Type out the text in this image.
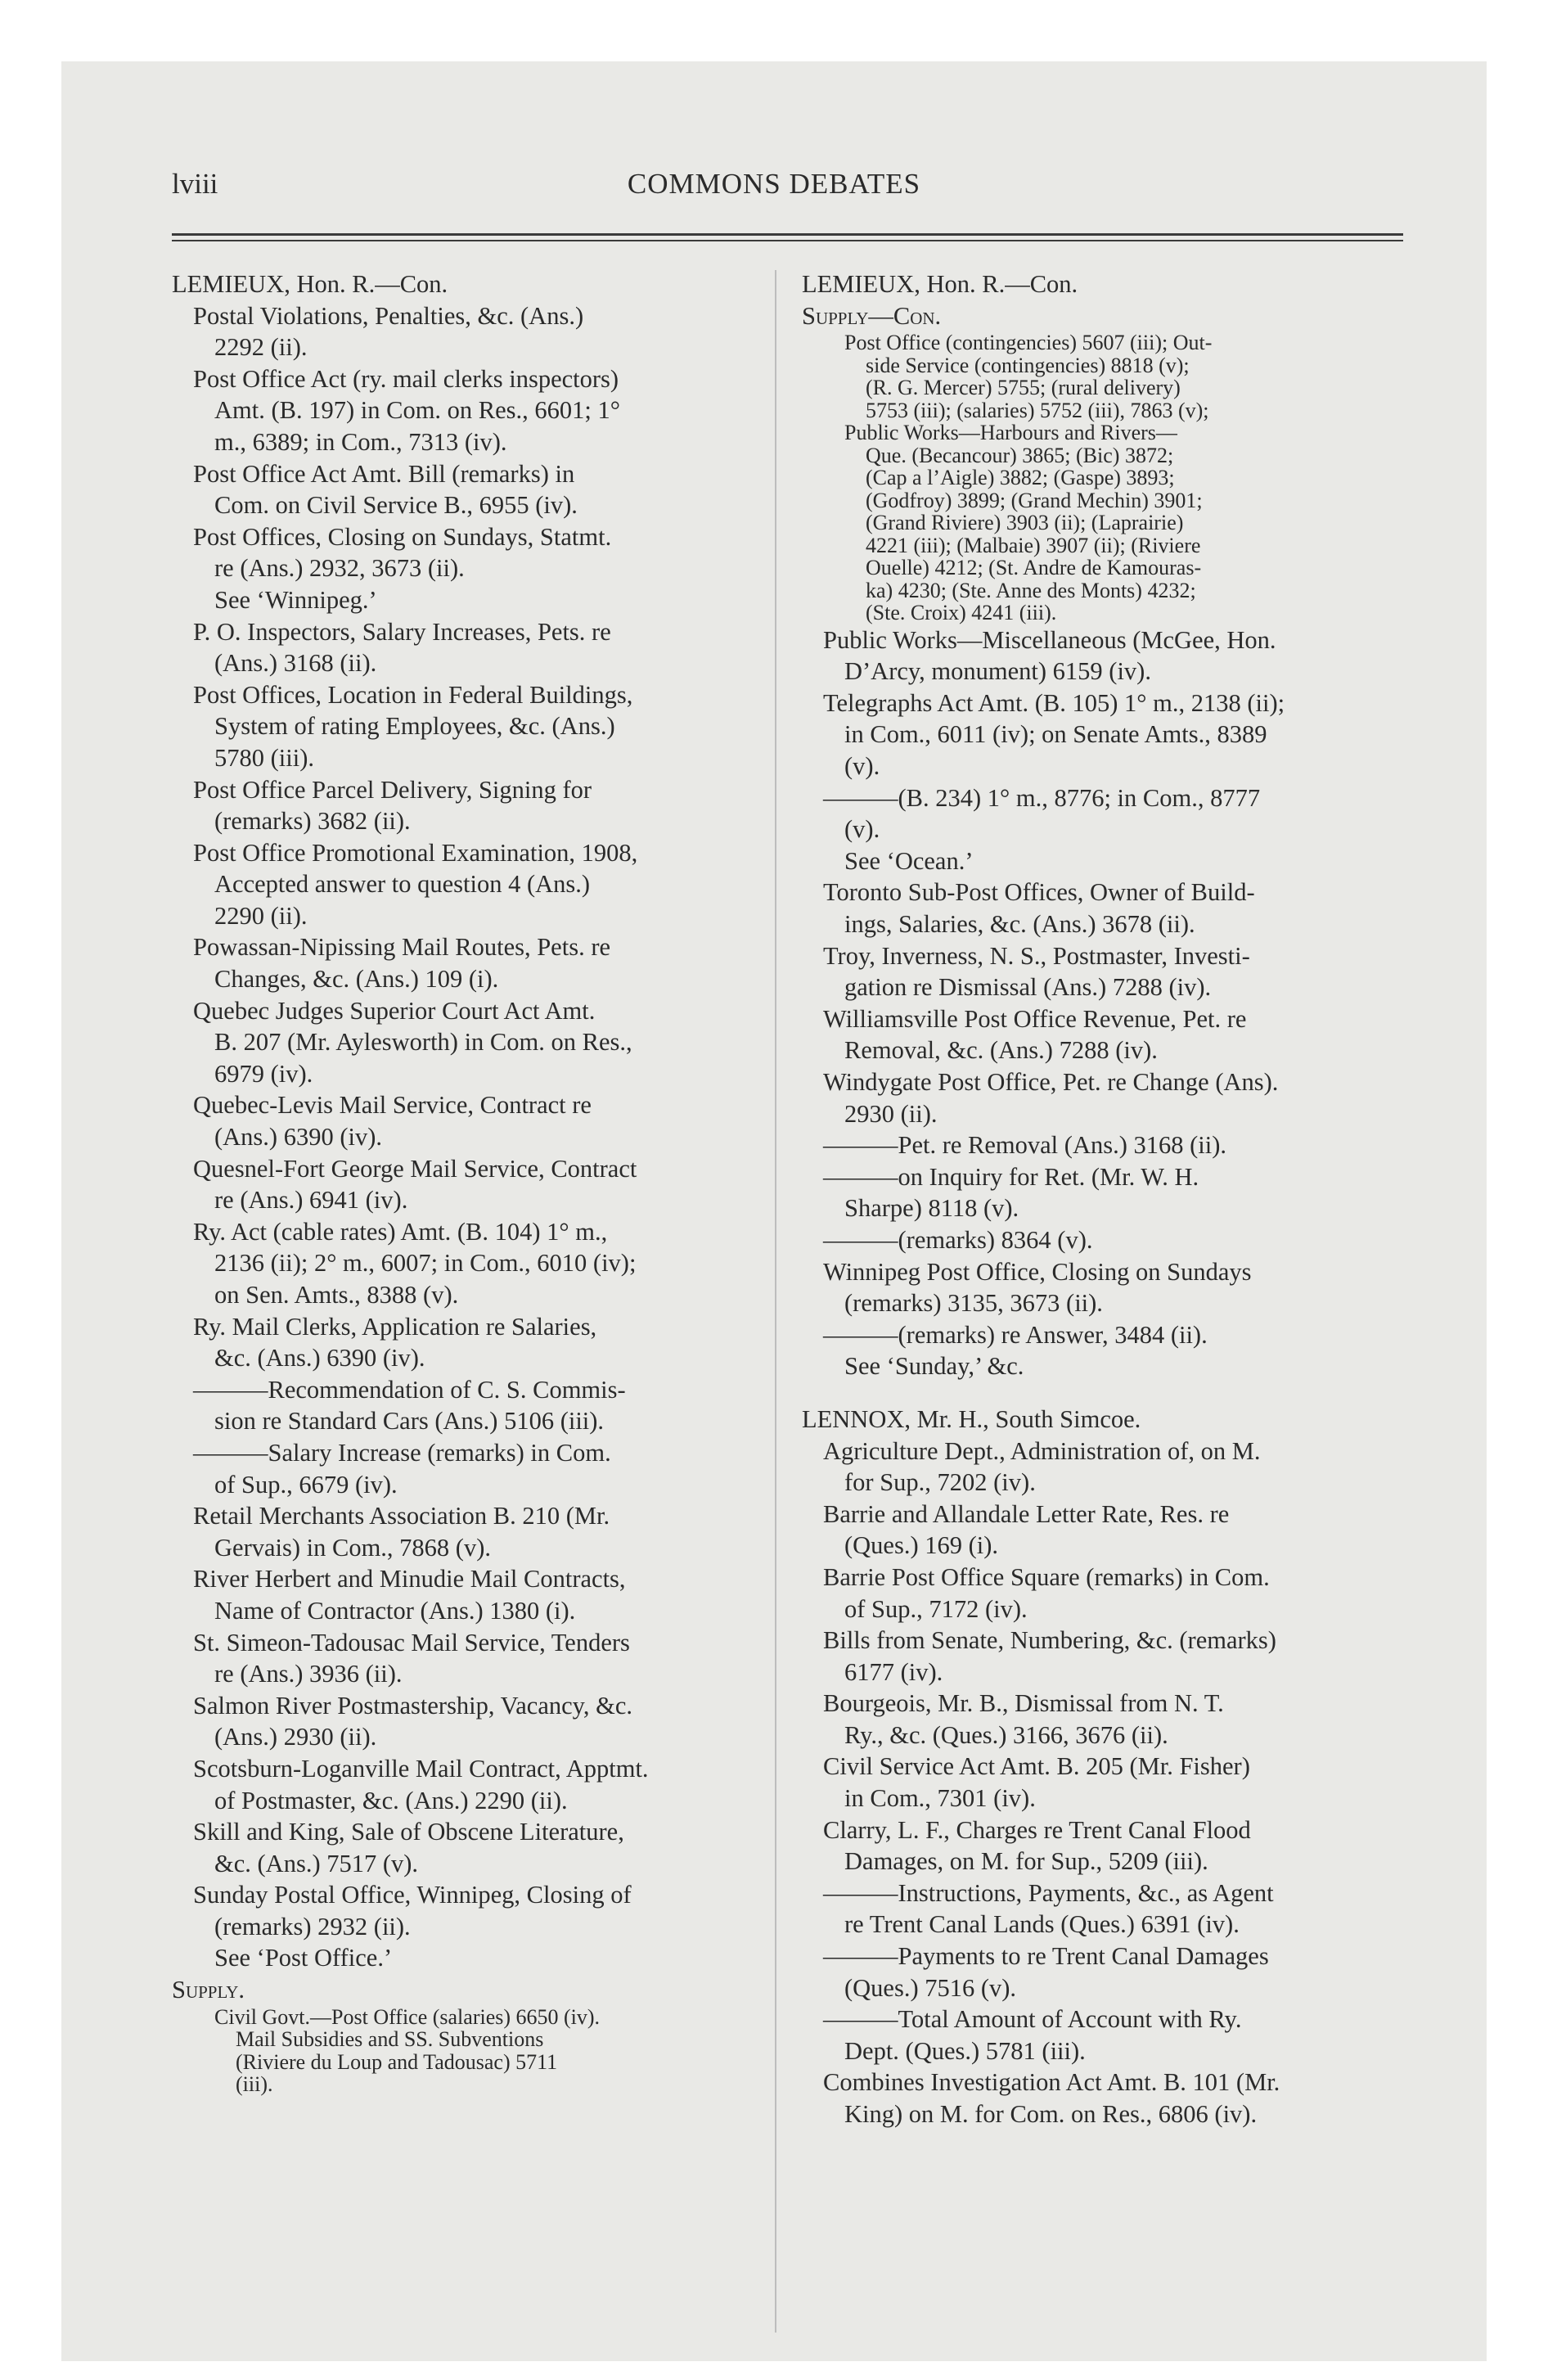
lviii	COMMONS DEBATES
LEMIEUX, Hon. R.—Con.
Postal Violations, Penalties, &c. (Ans.)
2292 (ii).
Post Office Act (ry. mail clerks inspectors)
Amt. (B. 197) in Com. on Res., 6601; 1°
m., 6389; in Com., 7313 (iv).
Post Office Act Amt. Bill (remarks) in
Com. on Civil Service B., 6955 (iv).
Post Offices, Closing on Sundays, Statmt.
re (Ans.) 2932, 3673 (ii).
See ‘Winnipeg.’
P. O. Inspectors, Salary Increases, Pets. re
(Ans.) 3168 (ii).
Post Offices, Location in Federal Buildings,
System of rating Employees, &c. (Ans.)
5780 (iii).
Post Office Parcel Delivery, Signing for
(remarks) 3682 (ii).
Post Office Promotional Examination, 1908,
Accepted answer to question 4 (Ans.)
2290 (ii).
Powassan-Nipissing Mail Routes, Pets. re
Changes, &c. (Ans.) 109 (i).
Quebec Judges Superior Court Act Amt.
B. 207 (Mr. Aylesworth) in Com. on Res.,
6979 (iv).
Quebec-Levis Mail Service, Contract re
(Ans.) 6390 (iv).
Quesnel-Fort George Mail Service, Contract
re (Ans.) 6941 (iv).
Ry. Act (cable rates) Amt. (B. 104) 1° m.,
2136 (ii); 2° m., 6007; in Com., 6010 (iv);
on Sen. Amts., 8388 (v).
Ry. Mail Clerks, Application re Salaries,
&c. (Ans.) 6390 (iv).
——— Recommendation of C. S. Commis-
sion re Standard Cars (Ans.) 5106 (iii).
——— Salary Increase (remarks) in Com.
of Sup., 6679 (iv).
Retail Merchants Association B. 210 (Mr.
Gervais) in Com., 7868 (v).
River Herbert and Minudie Mail Contracts,
Name of Contractor (Ans.) 1380 (i).
St. Simeon-Tadousac Mail Service, Tenders
re (Ans.) 3936 (ii).
Salmon River Postmastership, Vacancy, &c.
(Ans.) 2930 (ii).
Scotsburn-Loganville Mail Contract, Apptmt.
of Postmaster, &c. (Ans.) 2290 (ii).
Skill and King, Sale of Obscene Literature,
&c. (Ans.) 7517 (v).
Sunday Postal Office, Winnipeg, Closing of
(remarks) 2932 (ii).
See ‘Post Office.’
Supply.
Civil Govt.—Post Office (salaries) 6650 (iv).
Mail Subsidies and SS. Subventions
(Riviere du Loup and Tadousac) 5711
(iii).
LEMIEUX, Hon. R.—Con.
Supply—Con.
Post Office (contingencies) 5607 (iii); Out-
side Service (contingencies) 8818 (v);
(R. G. Mercer) 5755; (rural delivery)
5753 (iii); (salaries) 5752 (iii), 7863 (v);
Public Works—Harbours and Rivers—
Que. (Becancour) 3865; (Bic) 3872;
(Cap a l’Aigle) 3882; (Gaspe) 3893;
(Godfroy) 3899; (Grand Mechin) 3901;
(Grand Riviere) 3903 (ii); (Laprairie)
4221 (iii); (Malbaie) 3907 (ii); (Riviere
Ouelle) 4212; (St. Andre de Kamouras-
ka) 4230; (Ste. Anne des Monts) 4232;
(Ste. Croix) 4241 (iii).
Public Works—Miscellaneous (McGee, Hon.
D’Arcy, monument) 6159 (iv).
Telegraphs Act Amt. (B. 105) 1° m., 2138 (ii);
in Com., 6011 (iv); on Senate Amts., 8389
(v).
——— (B. 234) 1° m., 8776; in Com., 8777
(v).
See ‘Ocean.’
Toronto Sub-Post Offices, Owner of Build-
ings, Salaries, &c. (Ans.) 3678 (ii).
Troy, Inverness, N. S., Postmaster, Investi-
gation re Dismissal (Ans.) 7288 (iv).
Williamsville Post Office Revenue, Pet. re
Removal, &c. (Ans.) 7288 (iv).
Windygate Post Office, Pet. re Change (Ans).
2930 (ii).
——— Pet. re Removal (Ans.) 3168 (ii).
——— on Inquiry for Ret. (Mr. W. H.
Sharpe) 8118 (v).
——— (remarks) 8364 (v).
Winnipeg Post Office, Closing on Sundays
(remarks) 3135, 3673 (ii).
——— (remarks) re Answer, 3484 (ii).
See ‘Sunday,’ &c.
LENNOX, Mr. H., South Simcoe.
Agriculture Dept., Administration of, on M.
for Sup., 7202 (iv).
Barrie and Allandale Letter Rate, Res. re
(Ques.) 169 (i).
Barrie Post Office Square (remarks) in Com.
of Sup., 7172 (iv).
Bills from Senate, Numbering, &c. (remarks)
6177 (iv).
Bourgeois, Mr. B., Dismissal from N. T.
Ry., &c. (Ques.) 3166, 3676 (ii).
Civil Service Act Amt. B. 205 (Mr. Fisher)
in Com., 7301 (iv).
Clarry, L. F., Charges re Trent Canal Flood
Damages, on M. for Sup., 5209 (iii).
——— Instructions, Payments, &c., as Agent
re Trent Canal Lands (Ques.) 6391 (iv).
——— Payments to re Trent Canal Damages
(Ques.) 7516 (v).
——— Total Amount of Account with Ry.
Dept. (Ques.) 5781 (iii).
Combines Investigation Act Amt. B. 101 (Mr.
King) on M. for Com. on Res., 6806 (iv).
